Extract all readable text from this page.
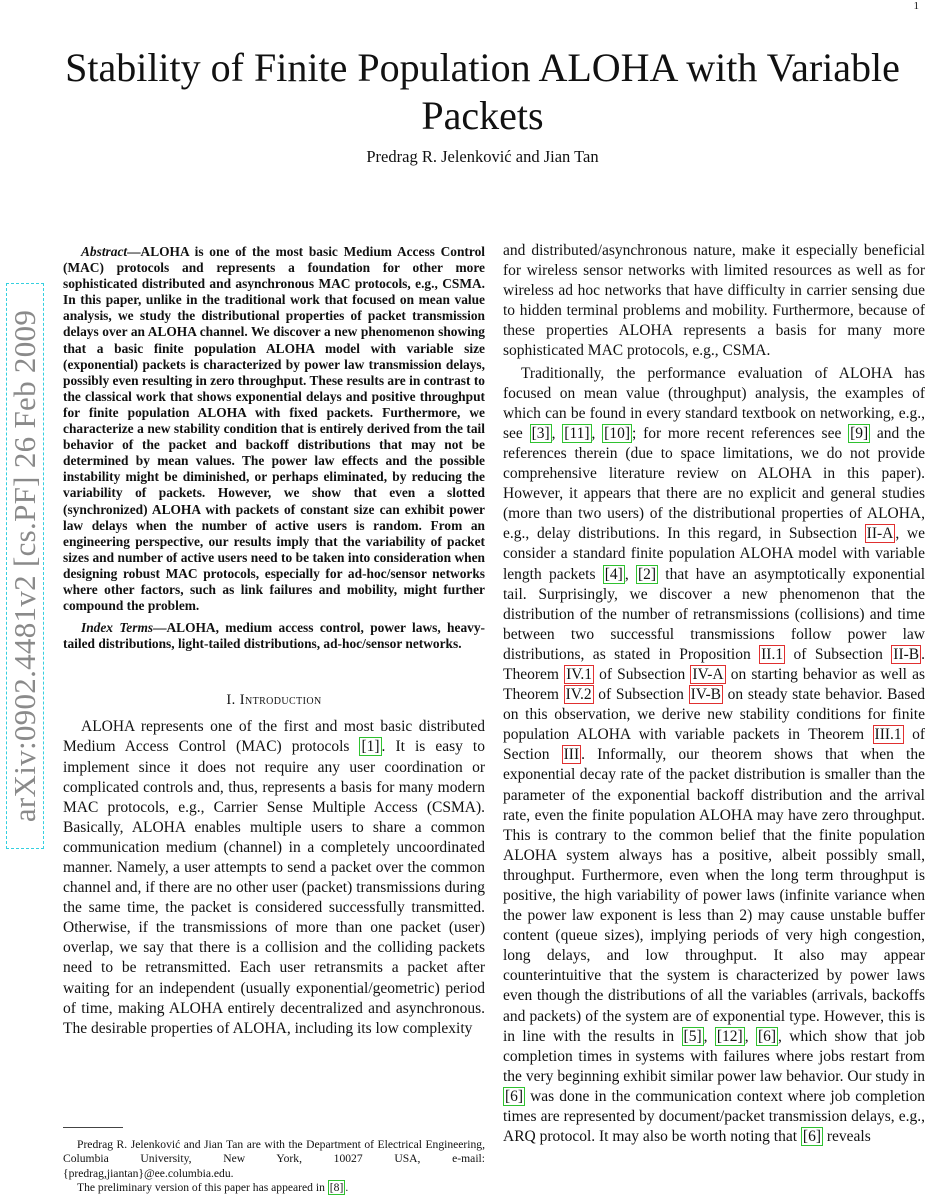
1
arXiv:0902.4481v2 [cs.PF] 26 Feb 2009
Stability of Finite Population ALOHA with Variable Packets
Predrag R. Jelenković and Jian Tan

Abstract—ALOHA is one of the most basic Medium Access Control (MAC) protocols and represents a foundation for other more sophisticated distributed and asynchronous MAC protocols, e.g., CSMA. In this paper, unlike in the traditional work that focused on mean value analysis, we study the distributional properties of packet transmission delays over an ALOHA channel. We discover a new phenomenon showing that a basic finite population ALOHA model with variable size (exponential) packets is characterized by power law transmission delays, possibly even resulting in zero throughput. These results are in contrast to the classical work that shows exponential delays and positive throughput for finite population ALOHA with fixed packets. Furthermore, we characterize a new stability condition that is entirely derived from the tail behavior of the packet and backoff distributions that may not be determined by mean values. The power law effects and the possible instability might be diminished, or perhaps eliminated, by reducing the variability of packets. However, we show that even a slotted (synchronized) ALOHA with packets of constant size can exhibit power law delays when the number of active users is random. From an engineering perspective, our results imply that the variability of packet sizes and number of active users need to be taken into consideration when designing robust MAC protocols, especially for ad-hoc/sensor networks where other factors, such as link failures and mobility, might further compound the problem.

Index Terms—ALOHA, medium access control, power laws, heavy-tailed distributions, light-tailed distributions, ad-hoc/sensor networks.

I. Introduction

ALOHA represents one of the first and most basic distributed Medium Access Control (MAC) protocols [1] . It is easy to implement since it does not require any user coordination or complicated controls and, thus, represents a basis for many modern MAC protocols, e.g., Carrier Sense Multiple Access (CSMA). Basically, ALOHA enables multiple users to share a common communication medium (channel) in a completely uncoordinated manner. Namely, a user attempts to send a packet over the common channel and, if there are no other user (packet) transmissions during the same time, the packet is considered successfully transmitted. Otherwise, if the transmissions of more than one packet (user) overlap, we say that there is a collision and the colliding packets need to be retransmitted. Each user retransmits a packet after waiting for an independent (usually exponential/geometric) period of time, making ALOHA entirely decentralized and asynchronous. The desirable properties of ALOHA, including its low complexity

and distributed/asynchronous nature, make it especially beneficial for wireless sensor networks with limited resources as well as for wireless ad hoc networks that have difficulty in carrier sensing due to hidden terminal problems and mobility. Furthermore, because of these properties ALOHA represents a basis for many more sophisticated MAC protocols, e.g., CSMA.

Traditionally, the performance evaluation of ALOHA has focused on mean value (throughput) analysis, the examples of which can be found in every standard textbook on networking, e.g., see [3] , [11] , [10] ; for more recent references see [9] and the references therein (due to space limitations, we do not provide comprehensive literature review on ALOHA in this paper). However, it appears that there are no explicit and general studies (more than two users) of the distributional properties of ALOHA, e.g., delay distributions. In this regard, in Subsection II-A , we consider a standard finite population ALOHA model with variable length packets [4] , [2] that have an asymptotically exponential tail. Surprisingly, we discover a new phenomenon that the distribution of the number of retransmissions (collisions) and time between two successful transmissions follow power law distributions, as stated in Proposition II.1 of Subsection II-B . Theorem IV.1 of Subsection IV-A on starting behavior as well as Theorem IV.2 of Subsection IV-B on steady state behavior. Based on this observation, we derive new stability conditions for finite population ALOHA with variable packets in Theorem III.1 of Section III . Informally, our theorem shows that when the exponential decay rate of the packet distribution is smaller than the parameter of the exponential backoff distribution and the arrival rate, even the finite population ALOHA may have zero throughput. This is contrary to the common belief that the finite population ALOHA system always has a positive, albeit possibly small, throughput. Furthermore, even when the long term throughput is positive, the high variability of power laws (infinite variance when the power law exponent is less than 2) may cause unstable buffer content (queue sizes), implying periods of very high congestion, long delays, and low throughput. It also may appear counterintuitive that the system is characterized by power laws even though the distributions of all the variables (arrivals, backoffs and packets) of the system are of exponential type. However, this is in line with the results in [5] , [12] , [6] , which show that job completion times in systems with failures where jobs restart from the very beginning exhibit similar power law behavior. Our study in [6] was done in the communication context where job completion times are represented by document/packet transmission delays, e.g., ARQ protocol. It may also be worth noting that [6] reveals

Predrag R. Jelenković and Jian Tan are with the Department of Electrical Engineering, Columbia University, New York, 10027 USA, e-mail: {predrag,jiantan}@ee.columbia.edu.

The preliminary version of this paper has appeared in [8] .
